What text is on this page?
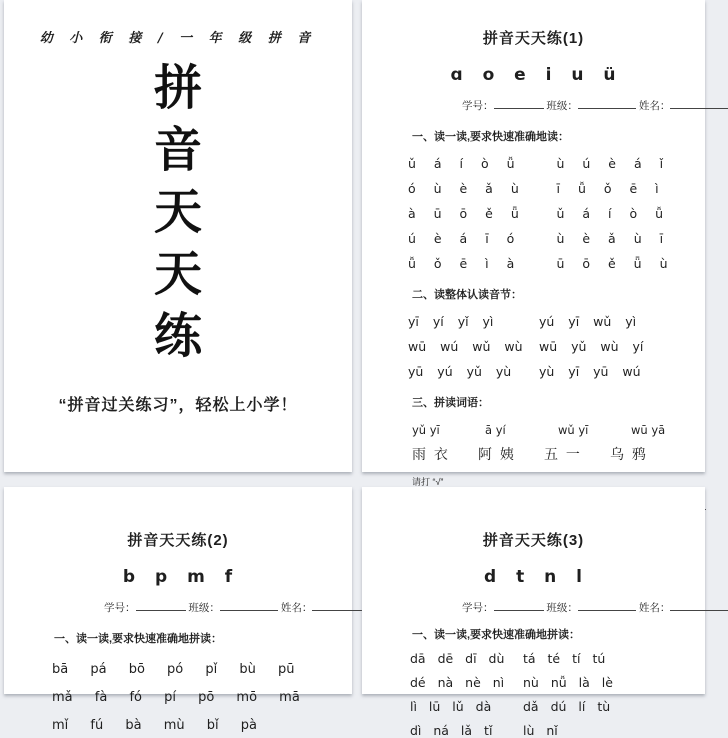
幼 小 衔 接 / 一 年 级 拼 音
拼
音
天
天
练
“拼音过关练习”，轻松上小学！
拼音天天练(1)
ɑ o e i u ü
学号：	班级：	姓名：
一、读一读,要求快速准确地读：
ǔ á í ò ǚ	ù ú è á ǐ
ó ù è ǎ ù	ī ǚ ǒ ē ì
à ū ō ě ǖ	ǔ á í ò ǚ
ú è á ī ó	ù è ǎ ù ī
ǚ ǒ ē ì à	ū ō ě ǖ ù
二、读整体认读音节：
yī yí yǐ yì	yú yī wǔ yì
wū wú wǔ wù	wū yǔ wù yí
yū yú yǔ yù	yù yī yū wú
三、拼读词语：
yǔ yī	ā yí	wǔ yī	wū yā
雨 衣	阿 姨	五 一	乌 鸦
请打 “√”
拼音天天练(2)
b p m f
学号：	班级：	姓名：
一、读一读,要求快速准确地拼读：
bā pá bō pó pǐ bù pū
mǎ fà fó pí pō mō mā
mǐ fú bà mù bǐ pà
拼音天天练(3)
d t n l
学号：	班级：	姓名：
一、读一读,要求快速准确地拼读：
dā dē dī dù	tá té tí tú
dé nà nè nì	nù nǚ là lè
lì lū lǔ dà	dǎ dú lí tù
dì ná lǎ tǐ	lù nǐ
